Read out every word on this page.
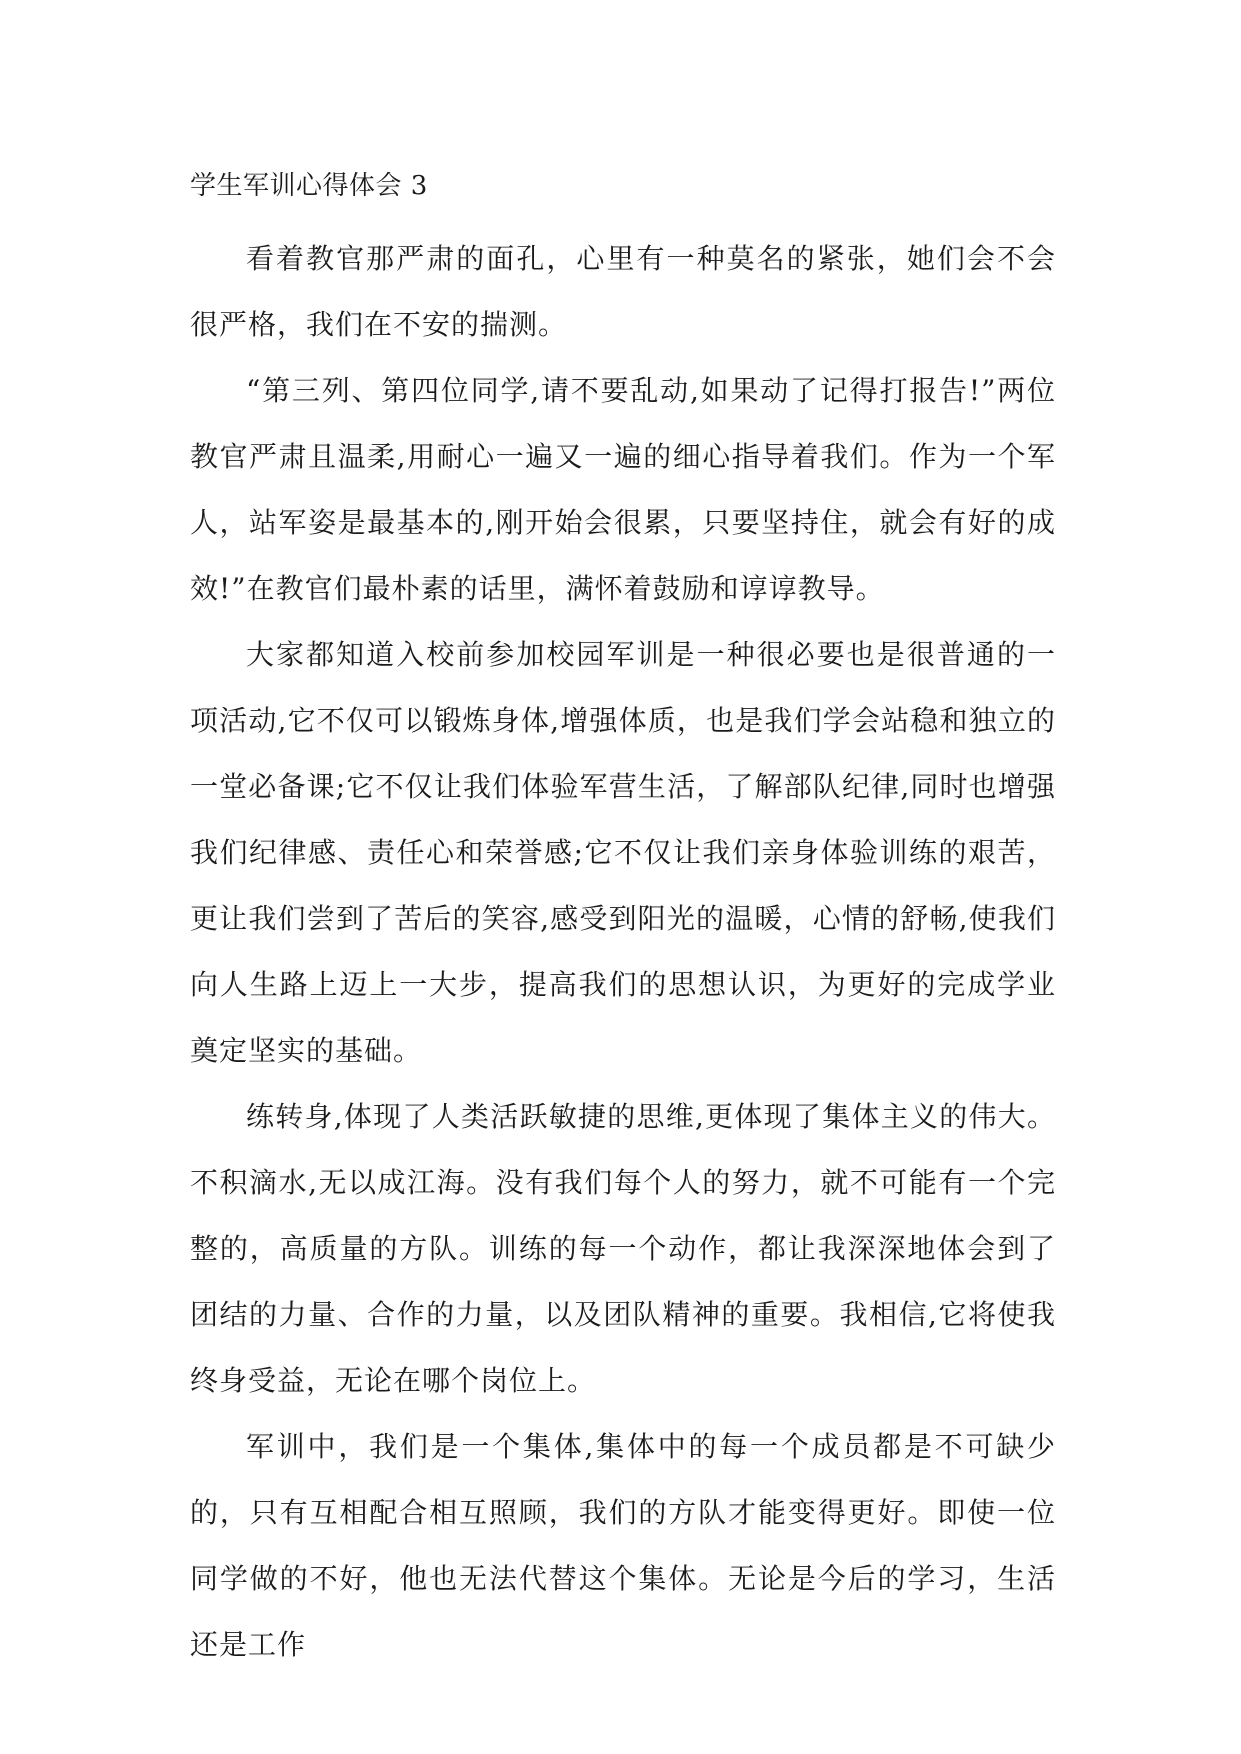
学生军训心得体会 3

看着教官那严肃的面孔，心里有一种莫名的紧张，她们会不会很严格，我们在不安的揣测。

“第三列、第四位同学,请不要乱动,如果动了记得打报告!”两位教官严肃且温柔,用耐心一遍又一遍的细心指导着我们。作为一个军人，站军姿是最基本的,刚开始会很累，只要坚持住，就会有好的成效!”在教官们最朴素的话里，满怀着鼓励和谆谆教导。

大家都知道入校前参加校园军训是一种很必要也是很普通的一项活动,它不仅可以锻炼身体,增强体质，也是我们学会站稳和独立的一堂必备课;它不仅让我们体验军营生活，了解部队纪律,同时也增强我们纪律感、责任心和荣誉感;它不仅让我们亲身体验训练的艰苦，更让我们尝到了苦后的笑容,感受到阳光的温暖，心情的舒畅,使我们向人生路上迈上一大步，提高我们的思想认识，为更好的完成学业奠定坚实的基础。

练转身,体现了人类活跃敏捷的思维,更体现了集体主义的伟大。不积滴水,无以成江海。没有我们每个人的努力，就不可能有一个完整的，高质量的方队。训练的每一个动作，都让我深深地体会到了团结的力量、合作的力量，以及团队精神的重要。我相信,它将使我终身受益，无论在哪个岗位上。

军训中，我们是一个集体,集体中的每一个成员都是不可缺少的，只有互相配合相互照顾，我们的方队才能变得更好。即使一位同学做的不好，他也无法代替这个集体。无论是今后的学习，生活还是工作
